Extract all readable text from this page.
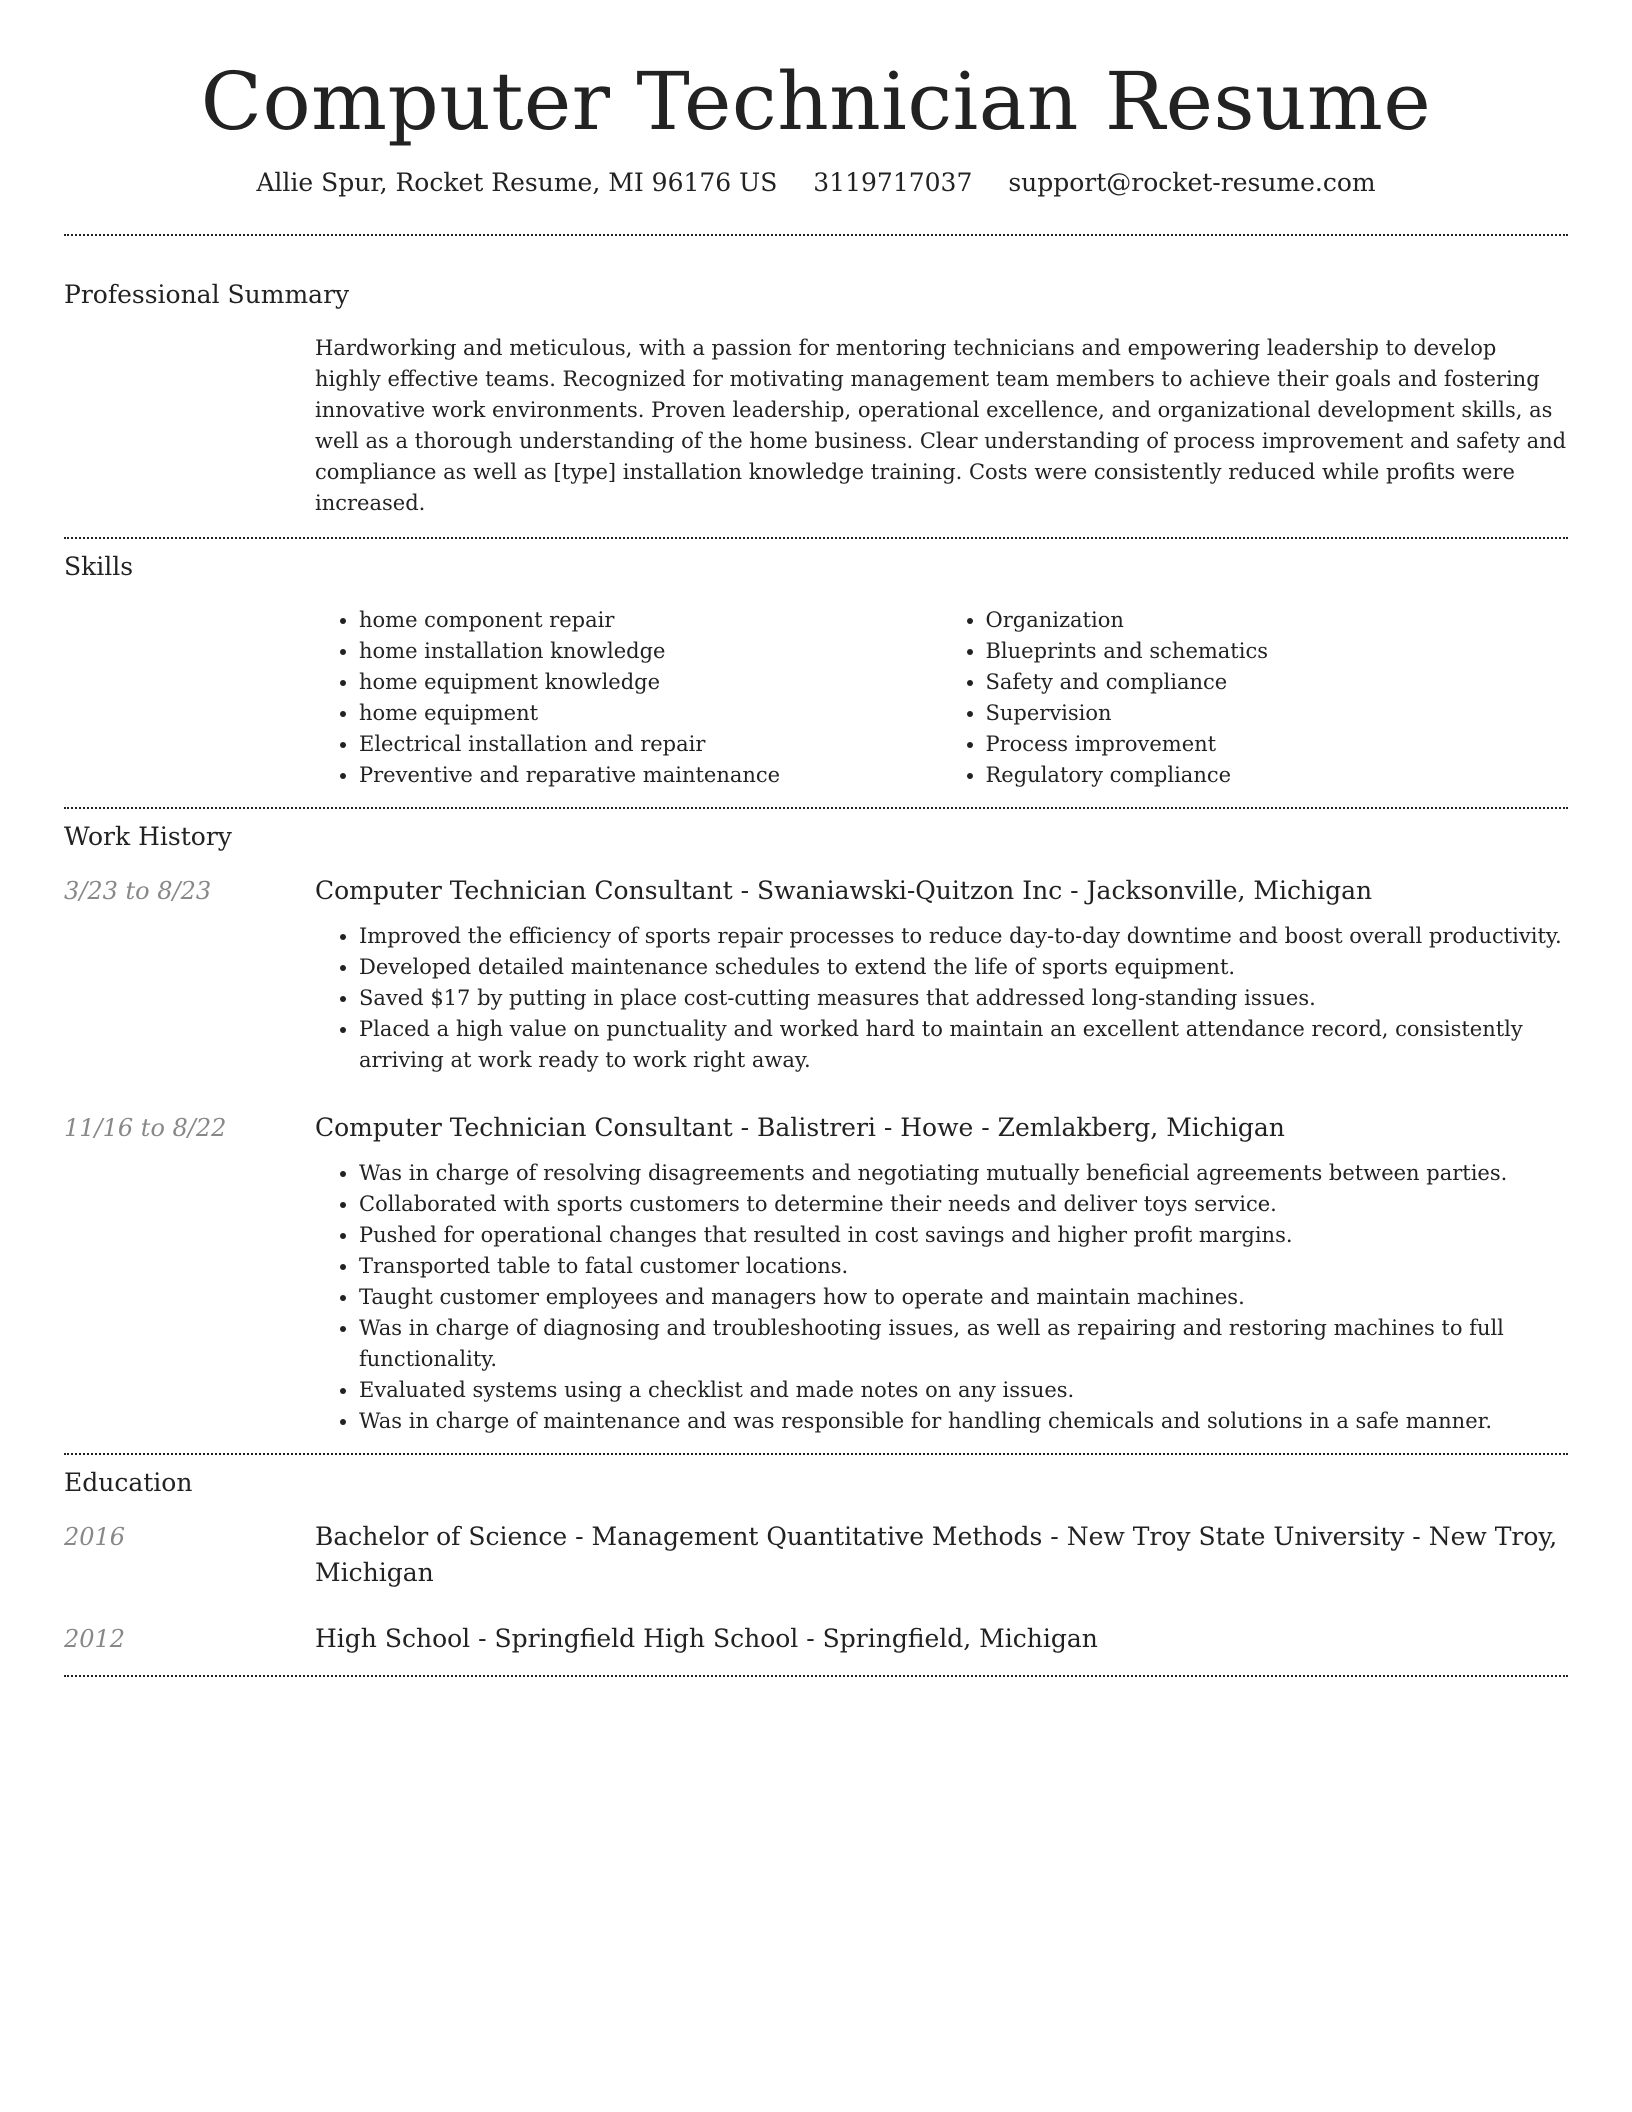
Computer Technician Resume
Allie Spur, Rocket Resume, MI 96176 US 3119717037 support@rocket-resume.com
Professional Summary

Hardworking and meticulous, with a passion for mentoring technicians and empowering leadership to develop highly effective teams. Recognized for motivating management team members to achieve their goals and fostering innovative work environments. Proven leadership, operational excellence, and organizational development skills, as well as a thorough understanding of the home business. Clear understanding of process improvement and safety and compliance as well as [type] installation knowledge training. Costs were consistently reduced while profits were increased.

Skills
• home component repair
• home installation knowledge
• home equipment knowledge
• home equipment
• Electrical installation and repair
• Preventive and reparative maintenance
• Organization
• Blueprints and schematics
• Safety and compliance
• Supervision
• Process improvement
• Regulatory compliance
Work History
3/23 to 8/23	Computer Technician Consultant - Swaniawski-Quitzon Inc - Jacksonville, Michigan
• Improved the efficiency of sports repair processes to reduce day-to-day downtime and boost overall productivity.
• Developed detailed maintenance schedules to extend the life of sports equipment.
• Saved $17 by putting in place cost-cutting measures that addressed long-standing issues.
• Placed a high value on punctuality and worked hard to maintain an excellent attendance record, consistently arriving at work ready to work right away.
11/16 to 8/22	Computer Technician Consultant - Balistreri - Howe - Zemlakberg, Michigan
• Was in charge of resolving disagreements and negotiating mutually beneficial agreements between parties.
• Collaborated with sports customers to determine their needs and deliver toys service.
• Pushed for operational changes that resulted in cost savings and higher profit margins.
• Transported table to fatal customer locations.
• Taught customer employees and managers how to operate and maintain machines.
• Was in charge of diagnosing and troubleshooting issues, as well as repairing and restoring machines to full functionality.
• Evaluated systems using a checklist and made notes on any issues.
• Was in charge of maintenance and was responsible for handling chemicals and solutions in a safe manner.
Education
2016	Bachelor of Science - Management Quantitative Methods - New Troy State University - New Troy, Michigan
2012	High School - Springfield High School - Springfield, Michigan
